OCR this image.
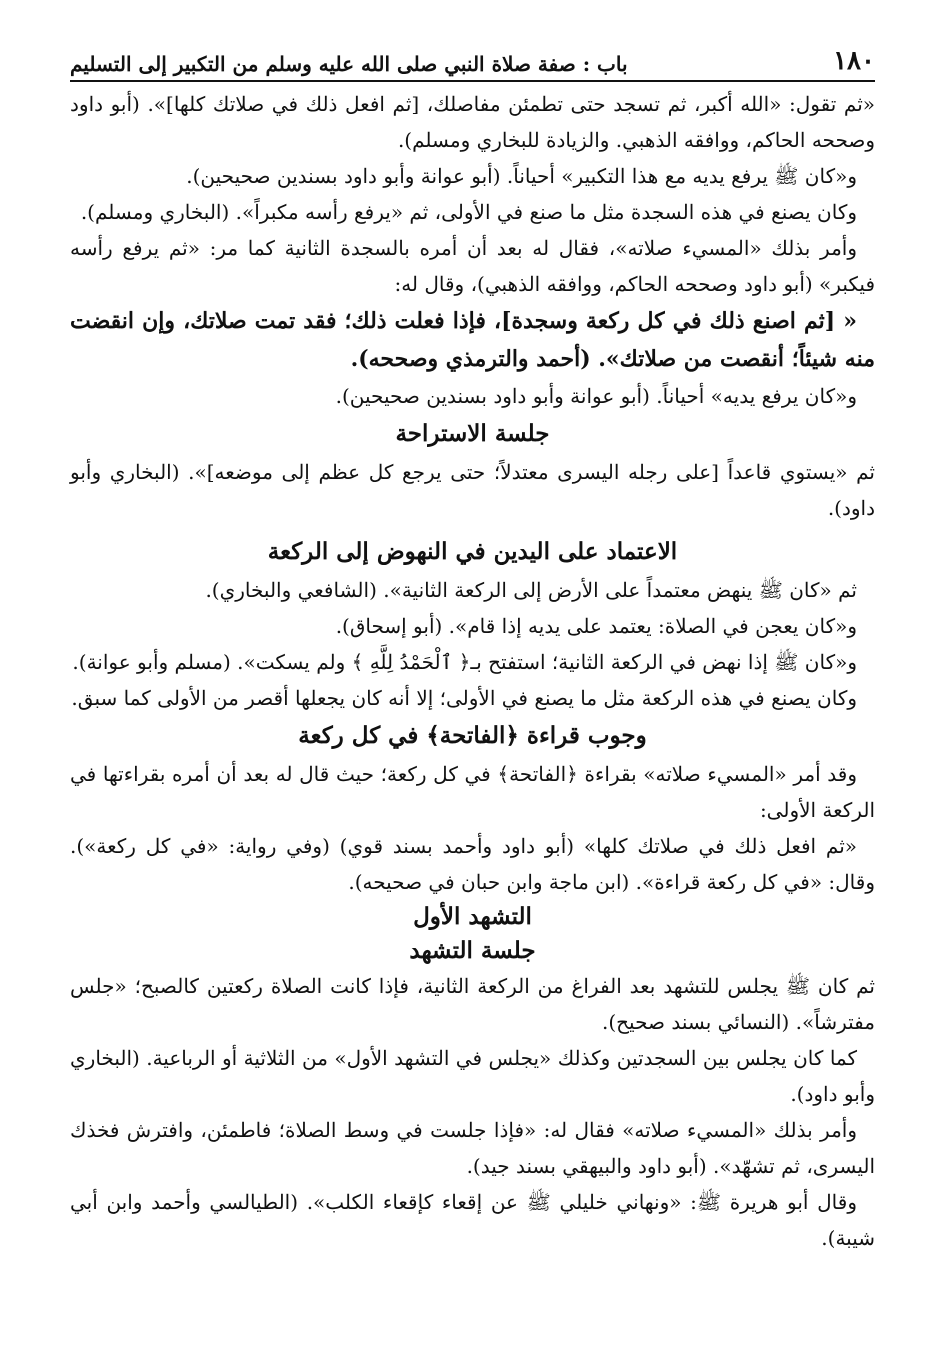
١٨٠
باب : صفة صلاة النبي صلى الله عليه وسلم من التكبير إلى التسليم

«ثم تقول: «الله أكبر، ثم تسجد حتى تطمئن مفاصلك، [ثم افعل ذلك في صلاتك كلها]». (أبو داود وصححه الحاكم، ووافقه الذهبي. والزيادة للبخاري ومسلم).

و«كان ﷺ يرفع يديه مع هذا التكبير» أحياناً. (أبو عوانة وأبو داود بسندين صحيحين).

وكان يصنع في هذه السجدة مثل ما صنع في الأولى، ثم «يرفع رأسه مكبراً». (البخاري ومسلم).

وأمر بذلك «المسيء صلاته»، فقال له بعد أن أمره بالسجدة الثانية كما مر: «ثم يرفع رأسه فيكبر» (أبو داود وصححه الحاكم، ووافقه الذهبي)، وقال له:

« [ثم اصنع ذلك في كل ركعة وسجدة]، فإذا فعلت ذلك؛ فقد تمت صلاتك، وإن انقضت منه شيئاً؛ أنقصت من صلاتك». (أحمد والترمذي وصححه).

و«كان يرفع يديه» أحياناً. (أبو عوانة وأبو داود بسندين صحيحين).

جلسة الاستراحة

ثم «يستوي قاعداً [على رجله اليسرى معتدلاً؛ حتى يرجع كل عظم إلى موضعه]». (البخاري وأبو داود).

الاعتماد على اليدين في النهوض إلى الركعة

ثم «كان ﷺ ينهض معتمداً على الأرض إلى الركعة الثانية». (الشافعي والبخاري).

و«كان يعجن في الصلاة: يعتمد على يديه إذا قام». (أبو إسحاق).

و«كان ﷺ إذا نهض في الركعة الثانية؛ استفتح بـ﴿ ٱلْحَمْدُ لِلَّهِ ﴾ ولم يسكت». (مسلم وأبو عوانة).

وكان يصنع في هذه الركعة مثل ما يصنع في الأولى؛ إلا أنه كان يجعلها أقصر من الأولى كما سبق.

وجوب قراءة ﴿الفاتحة﴾ في كل ركعة

وقد أمر «المسيء صلاته» بقراءة ﴿الفاتحة﴾ في كل ركعة؛ حيث قال له بعد أن أمره بقراءتها في الركعة الأولى:

«ثم افعل ذلك في صلاتك كلها» (أبو داود وأحمد بسند قوي) (وفي رواية: «في كل ركعة»). وقال: «في كل ركعة قراءة». (ابن ماجة وابن حبان في صحيحه).

التشهد الأول
جلسة التشهد

ثم كان ﷺ يجلس للتشهد بعد الفراغ من الركعة الثانية، فإذا كانت الصلاة ركعتين كالصبح؛ «جلس مفترشاً». (النسائي بسند صحيح).

كما كان يجلس بين السجدتين وكذلك «يجلس في التشهد الأول» من الثلاثية أو الرباعية. (البخاري وأبو داود).

وأمر بذلك «المسيء صلاته» فقال له: «فإذا جلست في وسط الصلاة؛ فاطمئن، وافترش فخذك اليسرى، ثم تشهّد». (أبو داود والبيهقي بسند جيد).

وقال أبو هريرة ﷺ: «ونهاني خليلي ﷺ عن إقعاء كإقعاء الكلب». (الطيالسي وأحمد وابن أبي شيبة).
